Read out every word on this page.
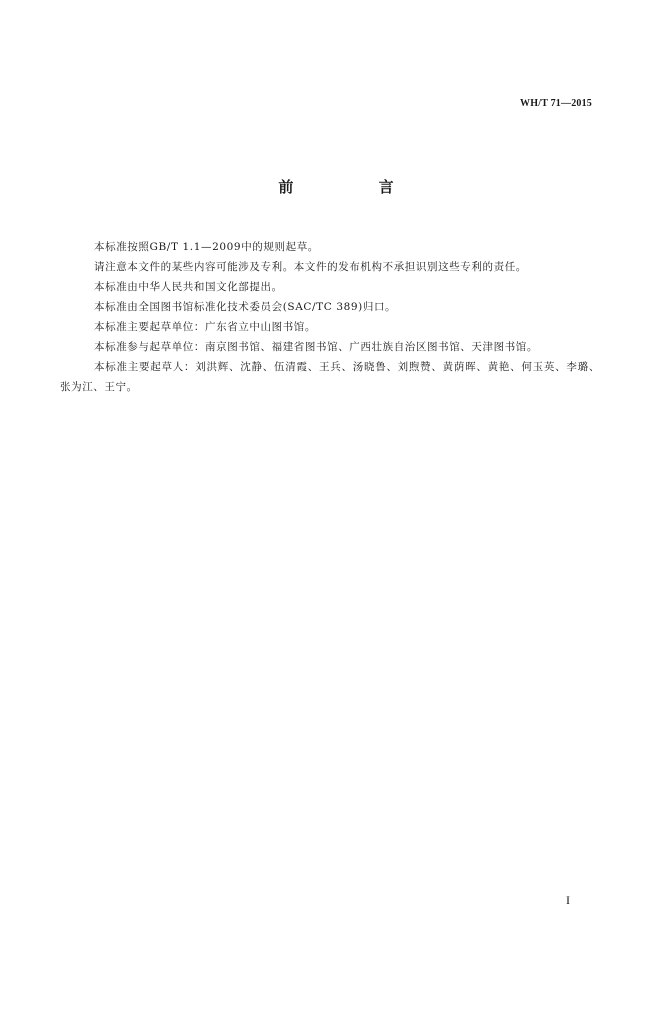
WH/T 71—2015
前 言

本标准按照GB/T 1.1—2009中的规则起草。

请注意本文件的某些内容可能涉及专利。本文件的发布机构不承担识别这些专利的责任。

本标准由中华人民共和国文化部提出。

本标准由全国图书馆标准化技术委员会(SAC/TC 389)归口。

本标准主要起草单位：广东省立中山图书馆。

本标准参与起草单位：南京图书馆、福建省图书馆、广西壮族自治区图书馆、天津图书馆。

本标准主要起草人：刘洪辉、沈静、伍清霞、王兵、汤晓鲁、刘煦赞、黄荫晖、黄艳、何玉英、李璐、张为江、王宁。

I
